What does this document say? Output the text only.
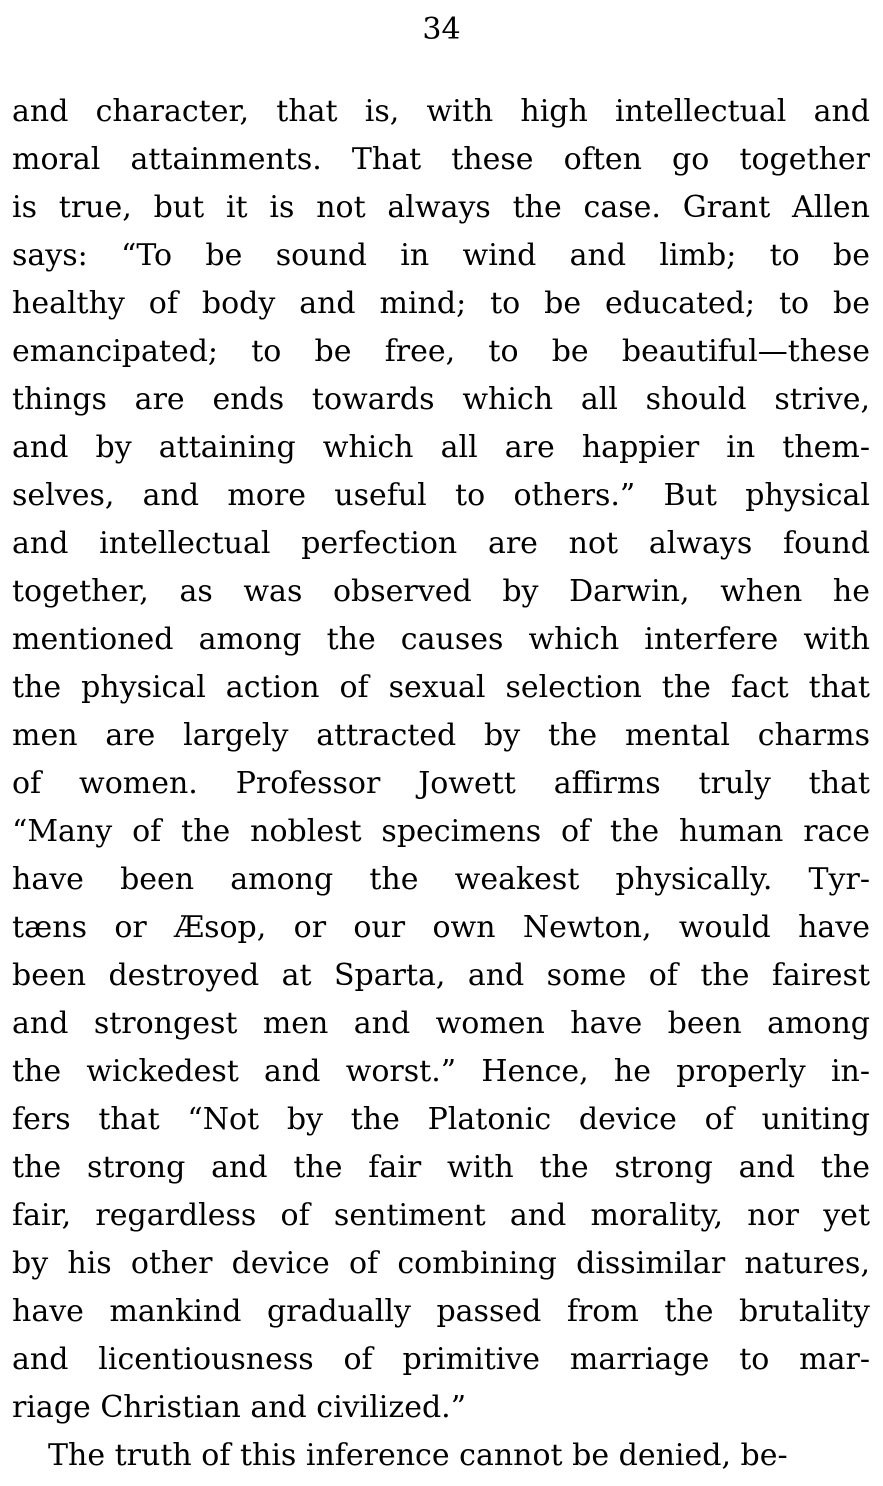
34
and character, that is, with high intellectual and
moral attainments. That these often go together
is true, but it is not always the case. Grant Allen
says: “To be sound in wind and limb; to be
healthy of body and mind; to be educated; to be
emancipated; to be free, to be beautiful—these
things are ends towards which all should strive,
and by attaining which all are happier in them-
selves, and more useful to others.” But physical
and intellectual perfection are not always found
together, as was observed by Darwin, when he
mentioned among the causes which interfere with
the physical action of sexual selection the fact that
men are largely attracted by the mental charms
of women. Professor Jowett affirms truly that
“Many of the noblest specimens of the human race
have been among the weakest physically. Tyr-
tæns or Æsop, or our own Newton, would have
been destroyed at Sparta, and some of the fairest
and strongest men and women have been among
the wickedest and worst.” Hence, he properly in-
fers that “Not by the Platonic device of uniting
the strong and the fair with the strong and the
fair, regardless of sentiment and morality, nor yet
by his other device of combining dissimilar natures,
have mankind gradually passed from the brutality
and licentiousness of primitive marriage to mar-
riage Christian and civilized.”
The truth of this inference cannot be denied, be-
